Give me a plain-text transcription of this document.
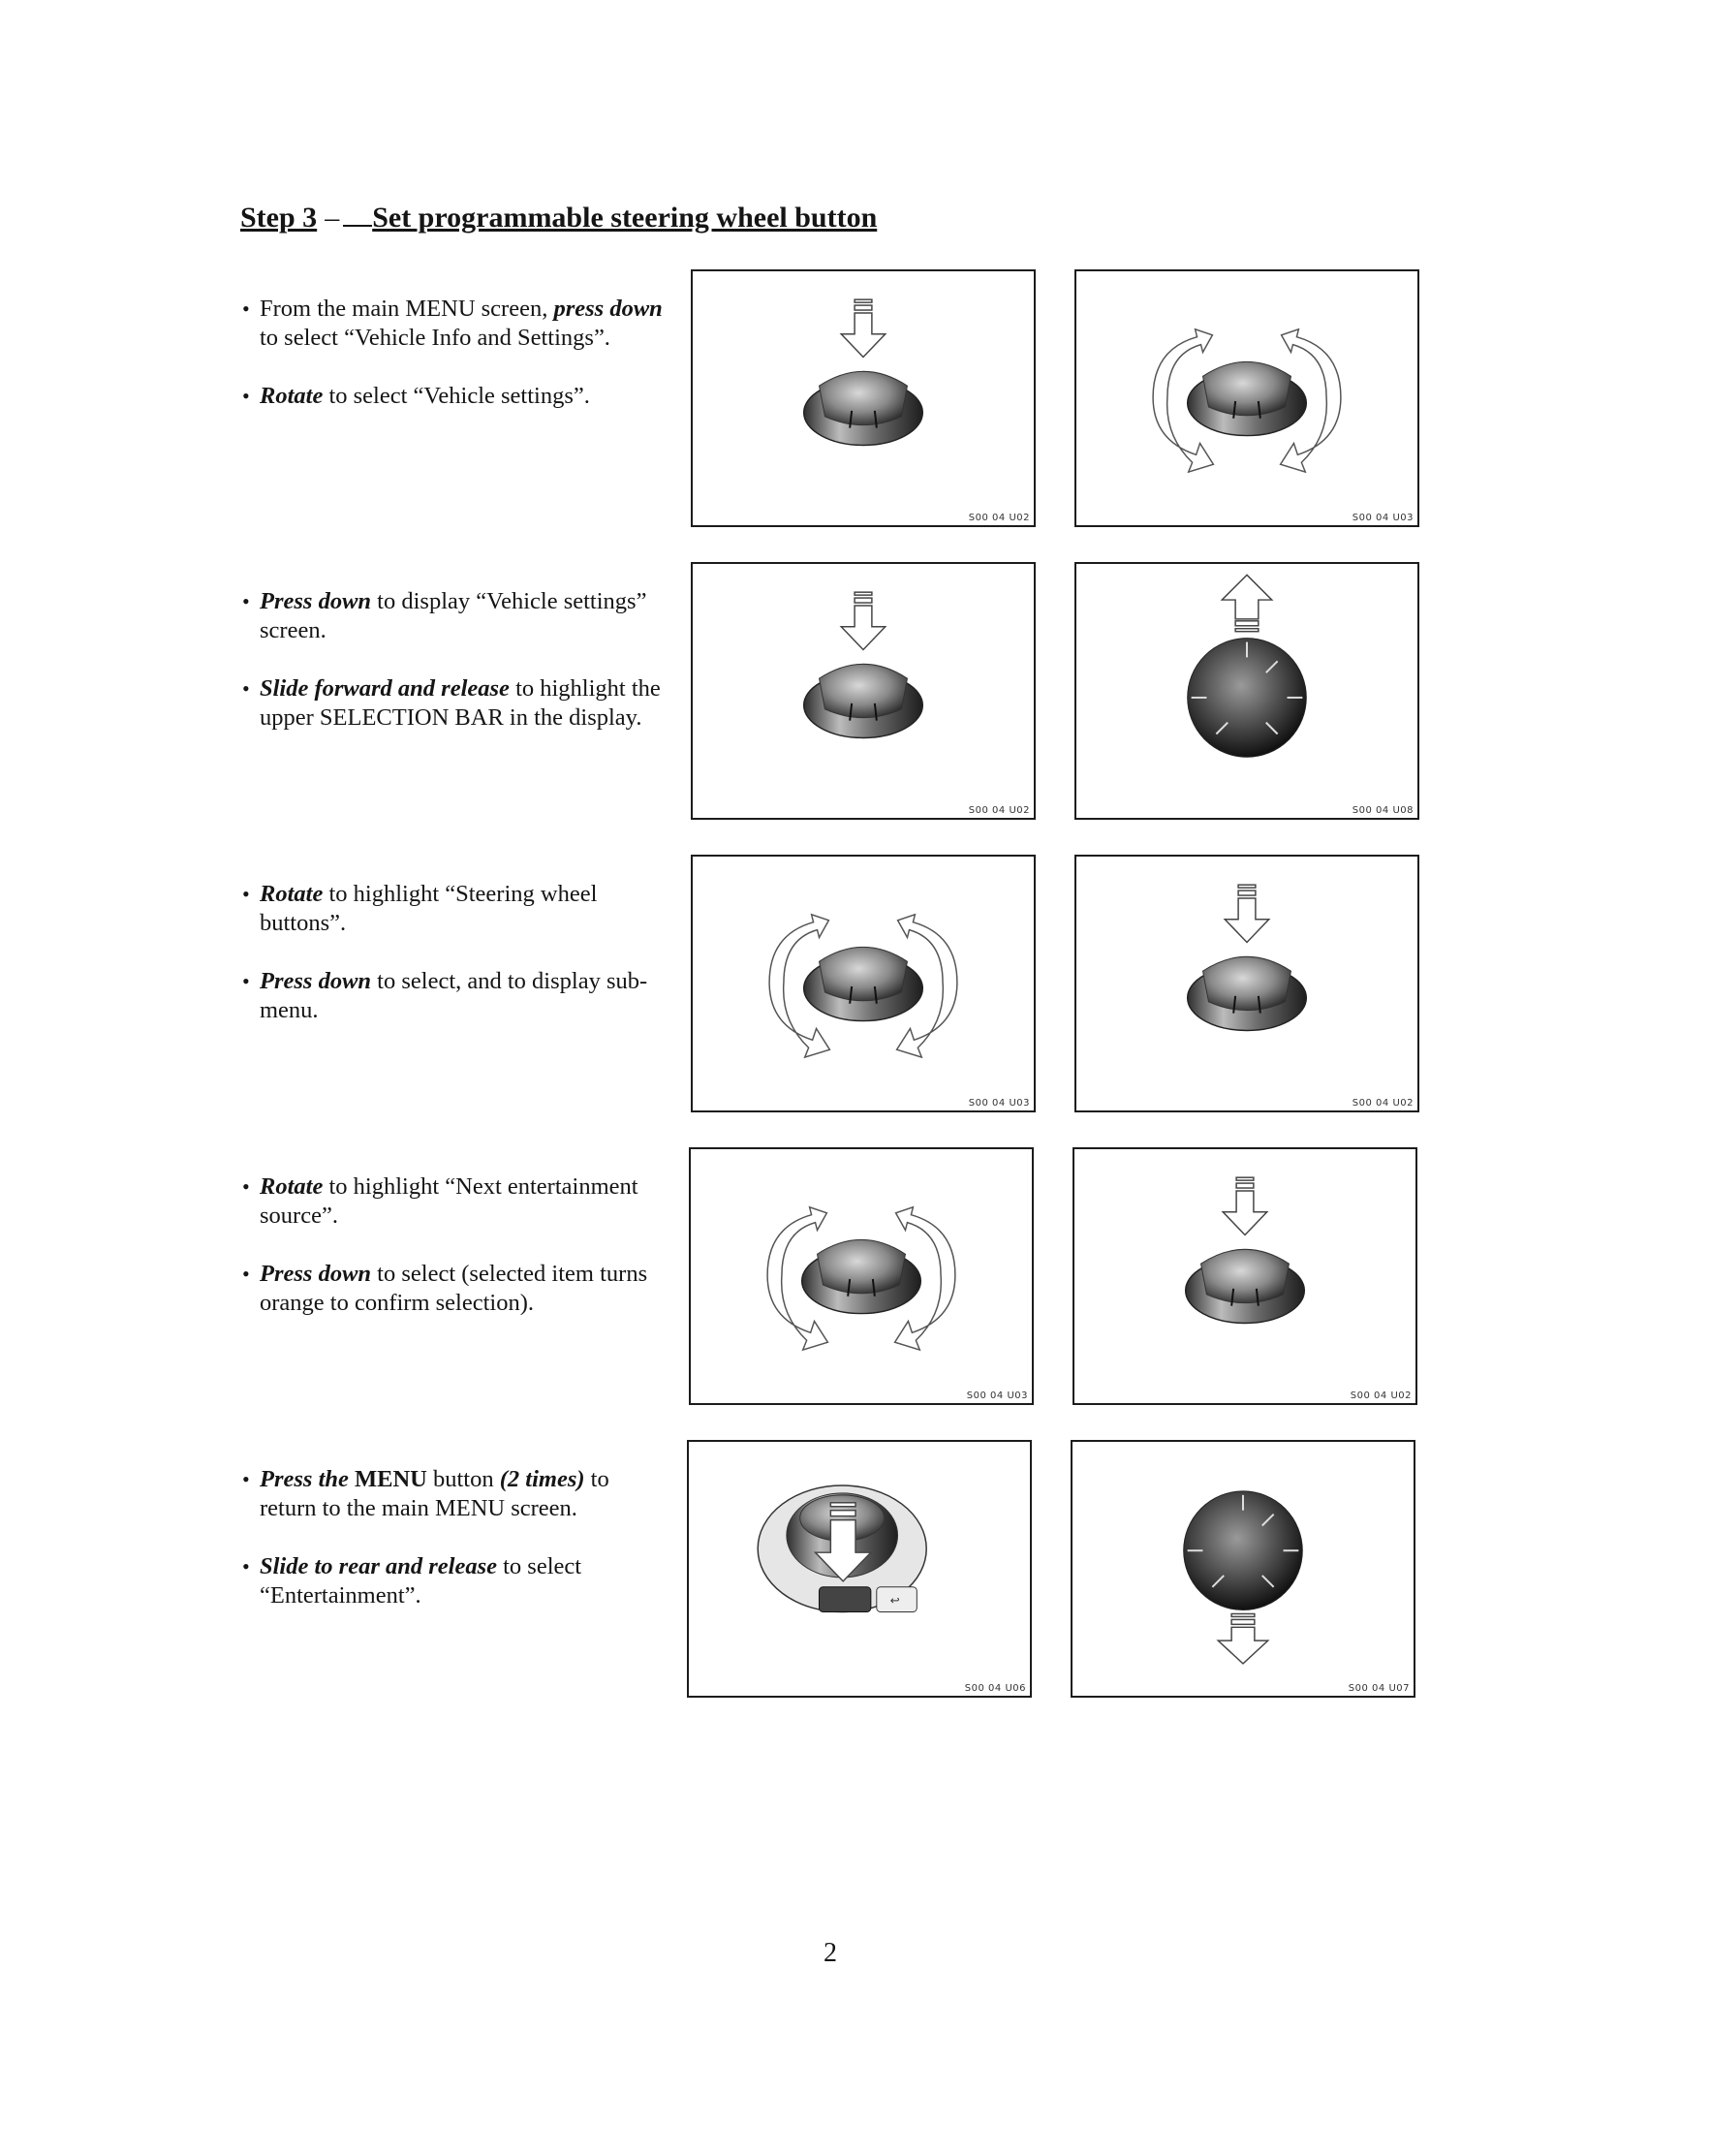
Step 3 – Set programmable steering wheel button
• From the main MENU screen, press down to select “Vehicle Info and Settings”.
• Rotate to select “Vehicle settings”.
S00 04 U02	S00 04 U03
• Press down to display “Vehicle settings” screen.
• Slide forward and release to highlight the upper SELECTION BAR in the display.
S00 04 U02	S00 04 U08
• Rotate to highlight “Steering wheel buttons”.
• Press down to select, and to display sub-menu.
S00 04 U03	S00 04 U02
• Rotate to highlight “Next entertainment source”.
• Press down to select (selected item turns orange to confirm selection).
S00 04 U03	S00 04 U02
• Press the MENU button (2 times) to return to the main MENU screen.
• Slide to rear and release to select “Entertainment”.	↩
S00 04 U06	S00 04 U07
2
